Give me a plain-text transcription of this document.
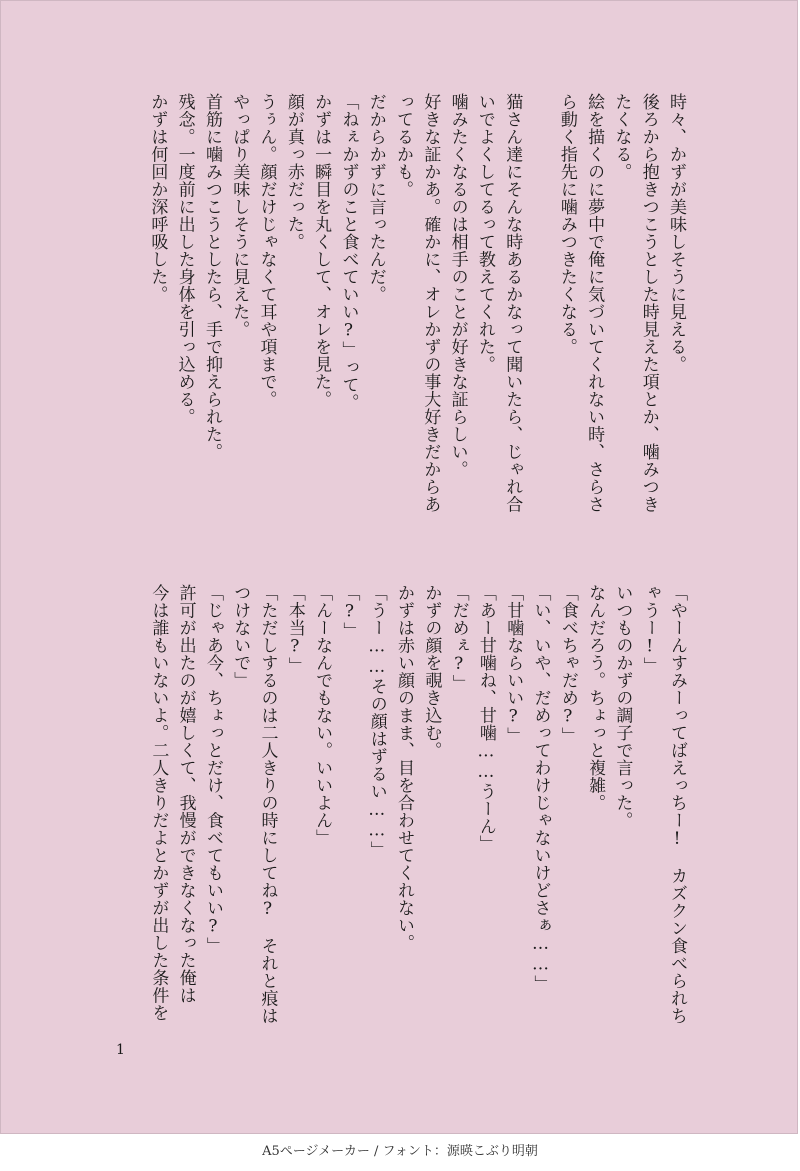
時々、かずが美味しそうに見える。
後ろから抱きつこうとした時見えた項とか、噛みつき
たくなる。
絵を描くのに夢中で俺に気づいてくれない時、さらさ
ら動く指先に噛みつきたくなる。

猫さん達にそんな時あるかなって聞いたら、じゃれ合
いでよくしてるって教えてくれた。
噛みたくなるのは相手のことが好きな証らしい。
好きな証かあ。確かに、オレかずの事大好きだからあ
ってるかも。
だからかずに言ったんだ。
「ねぇかずのこと食べていい?」って。
かずは一瞬目を丸くして、オレを見た。
顔が真っ赤だった。
うぅん。顔だけじゃなくて耳や項まで。
やっぱり美味しそうに見えた。
首筋に噛みつこうとしたら、手で抑えられた。
残念。一度前に出した身体を引っ込める。
かずは何回か深呼吸した。
「やーんすみーってばえっちー!　カズクン食べられち
ゃうー!」
いつものかずの調子で言った。
なんだろう。ちょっと複雑。
「食べちゃだめ?」
「い、いや、だめってわけじゃないけどさぁ……」
「甘噛ならいい?」
「あー甘噛ね、甘噛……うーん」
「だめぇ?」
かずの顔を覗き込む。
かずは赤い顔のまま、目を合わせてくれない。
「うー……その顔はずるい……」
「?」
「んーなんでもない。いいよん」
「本当?」
「ただしするのは二人きりの時にしてね?　それと痕は
つけないで」
「じゃあ今、ちょっとだけ、食べてもいい?」
許可が出たのが嬉しくて、我慢ができなくなった俺は
今は誰もいないよ。二人きりだよとかずが出した条件を
1
A5ページメーカー / フォント：源暎こぶり明朝
